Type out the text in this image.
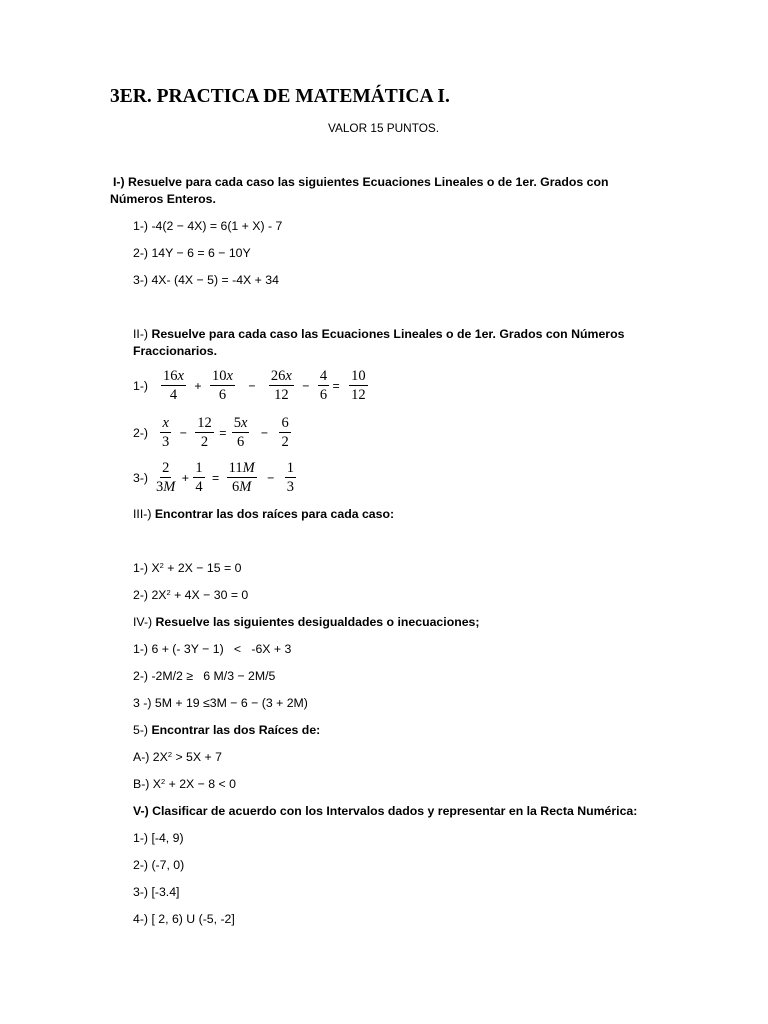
3ER. PRACTICA DE MATEMÁTICA I.
VALOR 15 PUNTOS.
I-) Resuelve para cada caso las siguientes Ecuaciones Lineales o de 1er. Grados con
Números Enteros.
1-) -4(2 − 4X) = 6(1 + X) - 7
2-) 14Y − 6 = 6 − 10Y
3-) 4X- (4X − 5) = -4X + 34
II-) Resuelve para cada caso las Ecuaciones Lineales o de 1er. Grados con Números
Fraccionarios.
$1-) \frac{16x}{4} + \frac{10x}{6}$	− $\frac{26x}{12} - \frac{4}{6} = \frac{10}{12}$
$2-) \frac{x}{3} - \frac{12}{2} = \frac{5x}{6} - \frac{6}{2}$
$3-) \frac{2}{3M} + \frac{1}{4} = \frac{11M}{6M} - \frac{1}{3}$
III-) Encontrar las dos raíces para cada caso:
1-) $X^2 + 2X - 15 = 0$
2-) $2X^2 + 4X - 30 = 0$
IV-) Resuelve las siguientes desigualdades o inecuaciones;
1-) 6 + (- 3Y − 1)   <   -6X + 3
2-) -2M/2 ≥   6 M/3 − 2M/5
3 -) 5M + 19 ≤3M − 6 − (3 + 2M)
5-) Encontrar las dos Raíces de:
A-) $2X^2 > 5X + 7$
B-) $X^2 + 2X - 8 < 0$
V-) Clasificar de acuerdo con los Intervalos dados y representar en la Recta Numérica:
1-) [-4, 9)
2-) (-7, 0)
3-) [-3.4]
4-) [ 2, 6) U (-5, -2]
